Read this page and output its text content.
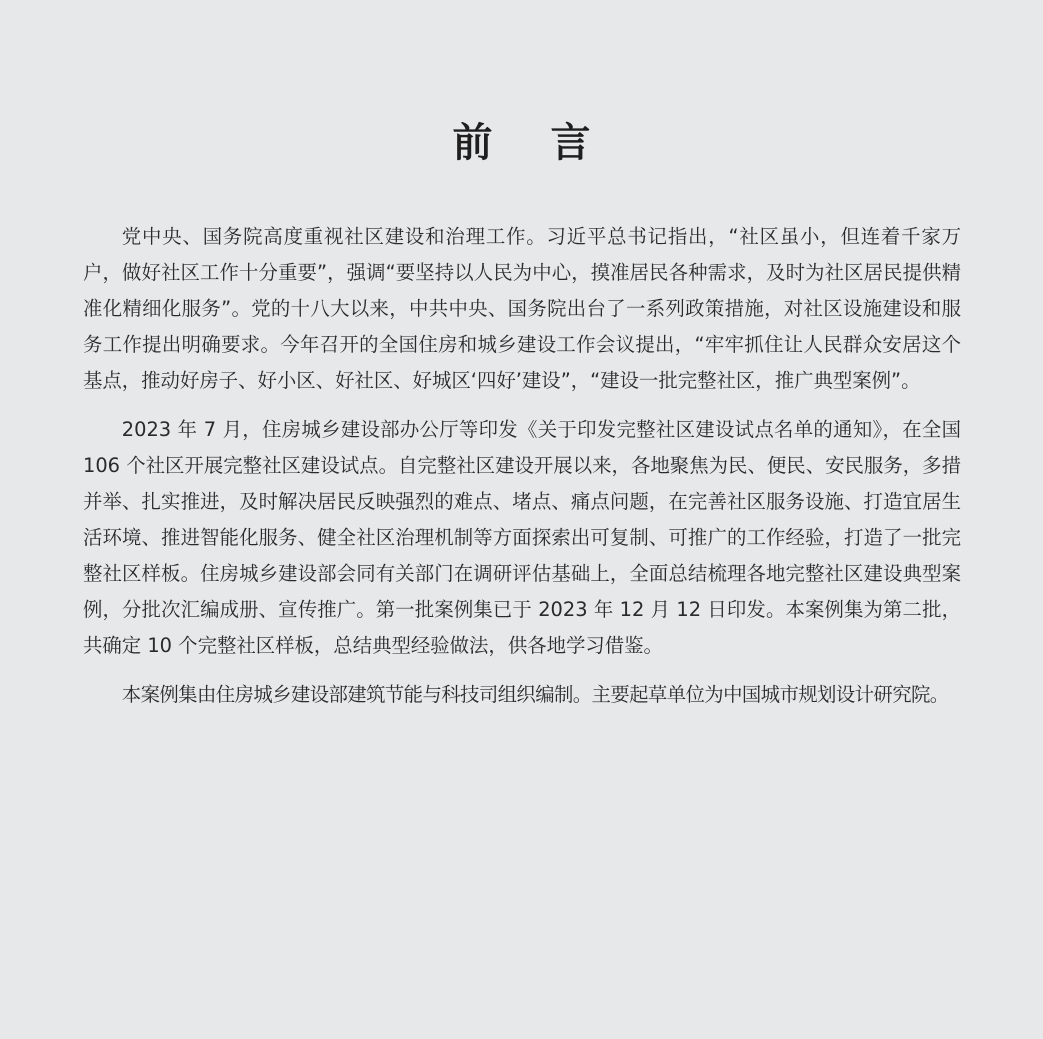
前 言

党中央、国务院高度重视社区建设和治理工作。习近平总书记指出，“社区虽小，但连着千家万户，做好社区工作十分重要”，强调“要坚持以人民为中心，摸准居民各种需求，及时为社区居民提供精准化精细化服务”。党的十八大以来，中共中央、国务院出台了一系列政策措施，对社区设施建设和服务工作提出明确要求。今年召开的全国住房和城乡建设工作会议提出，“牢牢抓住让人民群众安居这个基点，推动好房子、好小区、好社区、好城区‘四好’建设”，“建设一批完整社区，推广典型案例”。

2023 年 7 月，住房城乡建设部办公厅等印发《关于印发完整社区建设试点名单的通知》，在全国 106 个社区开展完整社区建设试点。自完整社区建设开展以来，各地聚焦为民、便民、安民服务，多措并举、扎实推进，及时解决居民反映强烈的难点、堵点、痛点问题，在完善社区服务设施、打造宜居生活环境、推进智能化服务、健全社区治理机制等方面探索出可复制、可推广的工作经验，打造了一批完整社区样板。住房城乡建设部会同有关部门在调研评估基础上，全面总结梳理各地完整社区建设典型案例，分批次汇编成册、宣传推广。第一批案例集已于 2023 年 12 月 12 日印发。本案例集为第二批，共确定 10 个完整社区样板，总结典型经验做法，供各地学习借鉴。

本案例集由住房城乡建设部建筑节能与科技司组织编制。主要起草单位为中国城市规划设计研究院。
